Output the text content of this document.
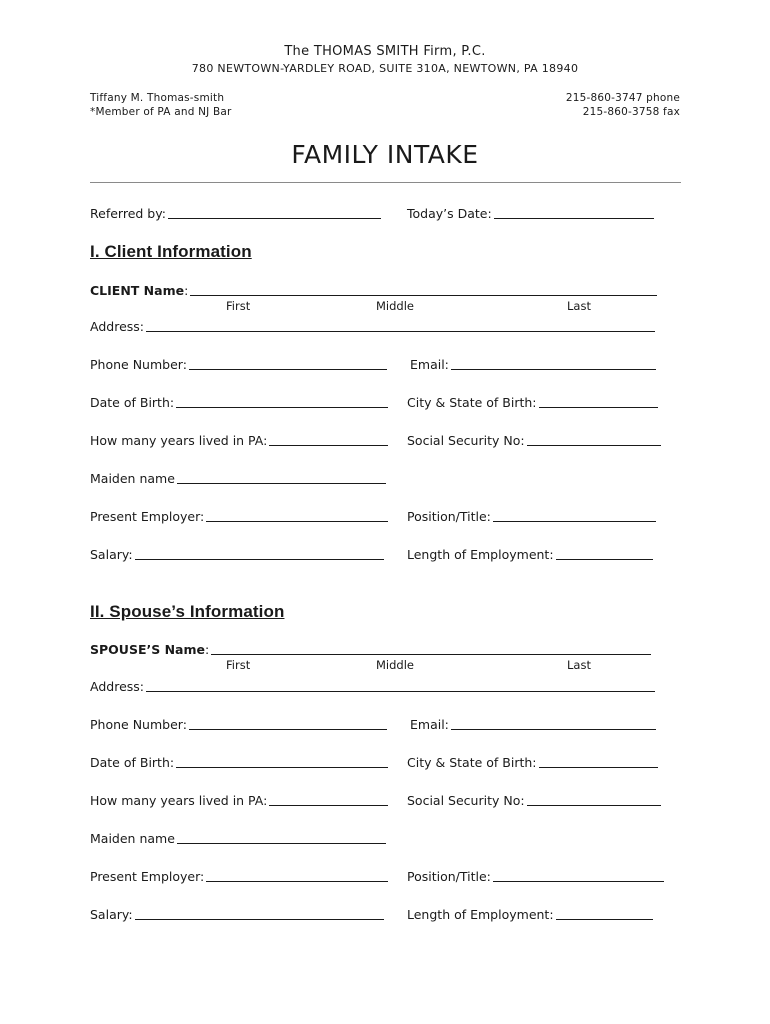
The THOMAS SMITH Firm, P.C.
780 NEWTOWN-YARDLEY ROAD, SUITE 310A, NEWTOWN, PA 18940
Tiffany M. Thomas-smith
*Member of PA and NJ Bar
215-860-3747 phone
215-860-3758 fax
FAMILY INTAKE
Referred by:	Today’s Date:
I. Client Information
CLIENT Name:
First	Middle	Last
Address:
Phone Number:	Email:
Date of Birth:	City & State of Birth:
How many years lived in PA:	Social Security No:
Maiden name
Present Employer:	Position/Title:
Salary:	Length of Employment:
II. Spouse’s Information
SPOUSE’S Name:
First	Middle	Last
Address:
Phone Number:	Email:
Date of Birth:	City & State of Birth:
How many years lived in PA:	Social Security No:
Maiden name
Present Employer:	Position/Title:
Salary:	Length of Employment:
